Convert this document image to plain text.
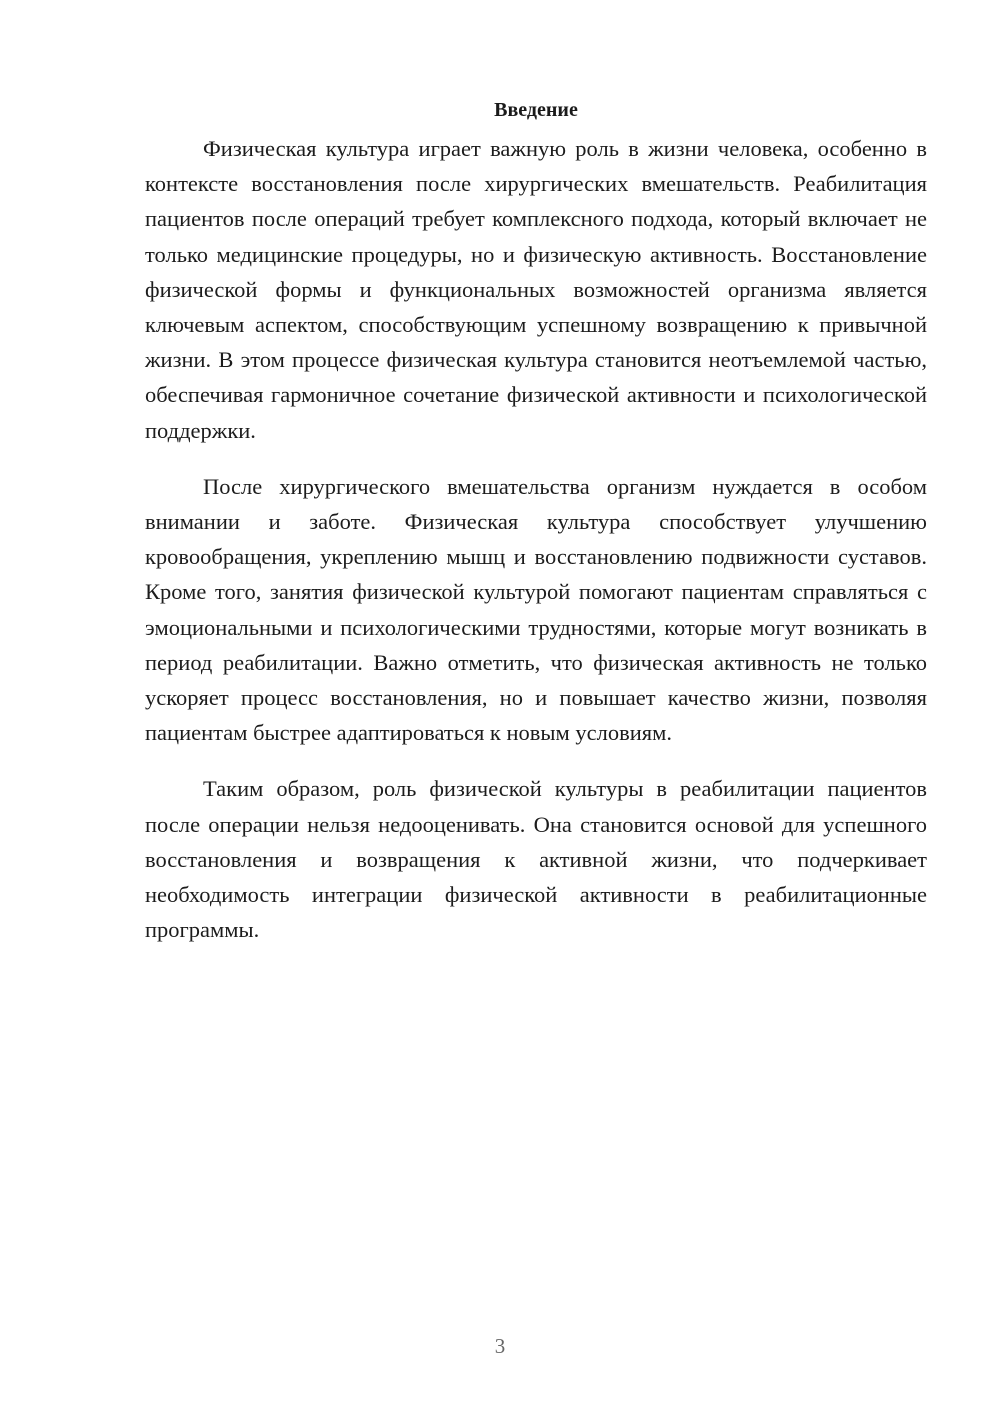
Введение

Физическая культура играет важную роль в жизни человека, особенно в контексте восстановления после хирургических вмешательств. Реабилитация пациентов после операций требует комплексного подхода, который включает не только медицинские процедуры, но и физическую активность. Восстановление физической формы и функциональных возможностей организма является ключевым аспектом, способствующим успешному возвращению к привычной жизни. В этом процессе физическая культура становится неотъемлемой частью, обеспечивая гармоничное сочетание физической активности и психологической поддержки.

После хирургического вмешательства организм нуждается в особом внимании и заботе. Физическая культура способствует улучшению кровообращения, укреплению мышц и восстановлению подвижности суставов. Кроме того, занятия физической культурой помогают пациентам справляться с эмоциональными и психологическими трудностями, которые могут возникать в период реабилитации. Важно отметить, что физическая активность не только ускоряет процесс восстановления, но и повышает качество жизни, позволяя пациентам быстрее адаптироваться к новым условиям.

Таким образом, роль физической культуры в реабилитации пациентов после операции нельзя недооценивать. Она становится основой для успешного восстановления и возвращения к активной жизни, что подчеркивает необходимость интеграции физической активности в реабилитационные программы.

3
